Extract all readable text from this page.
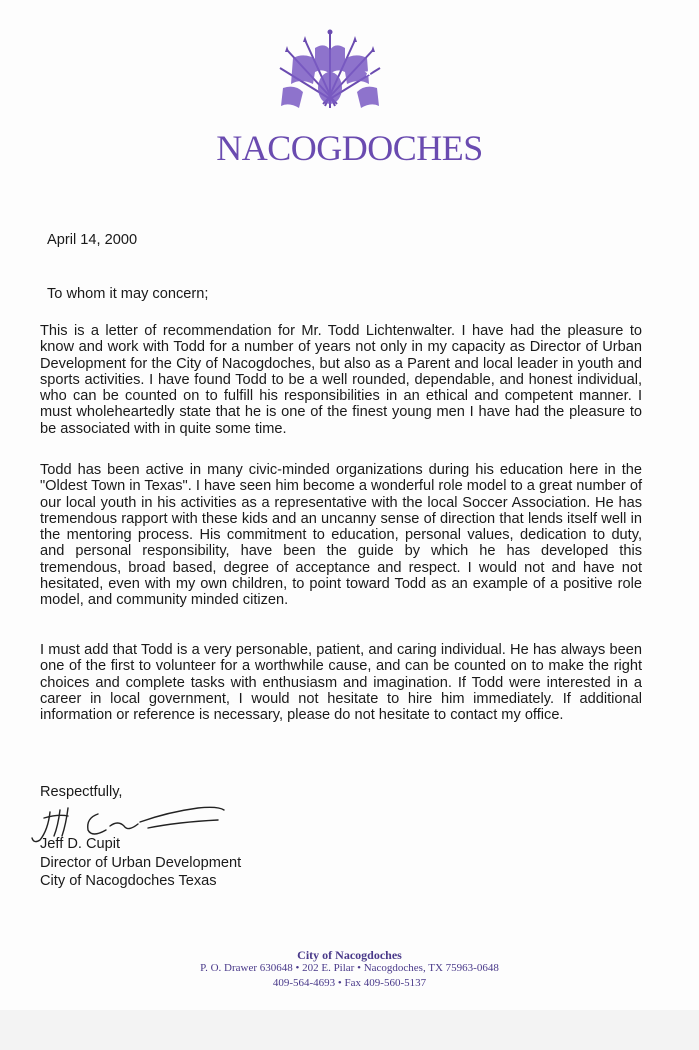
★
NACOGDOCHES
April 14, 2000
To whom it may concern;

This is a letter of recommendation for Mr. Todd Lichtenwalter. I have had the pleasure to know and work with Todd for a number of years not only in my capacity as Director of Urban Development for the City of Nacogdoches, but also as a Parent and local leader in youth and sports activities. I have found Todd to be a well rounded, dependable, and honest individual, who can be counted on to fulfill his responsibilities in an ethical and competent manner. I must wholeheartedly state that he is one of the finest young men I have had the pleasure to be associated with in quite some time.

Todd has been active in many civic-minded organizations during his education here in the "Oldest Town in Texas". I have seen him become a wonderful role model to a great number of our local youth in his activities as a representative with the local Soccer Association. He has tremendous rapport with these kids and an uncanny sense of direction that lends itself well in the mentoring process. His commitment to education, personal values, dedication to duty, and personal responsibility, have been the guide by which he has developed this tremendous, broad based, degree of acceptance and respect. I would not and have not hesitated, even with my own children, to point toward Todd as an example of a positive role model, and community minded citizen.

I must add that Todd is a very personable, patient, and caring individual. He has always been one of the first to volunteer for a worthwhile cause, and can be counted on to make the right choices and complete tasks with enthusiasm and imagination. If Todd were interested in a career in local government, I would not hesitate to hire him immediately. If additional information or reference is necessary, please do not hesitate to contact my office.

Respectfully,
Jeff D. Cupit
Director of Urban Development
City of Nacogdoches Texas
City of Nacogdoches
P. O. Drawer 630648 • 202 E. Pilar • Nacogdoches, TX 75963-0648
409-564-4693 • Fax 409-560-5137
